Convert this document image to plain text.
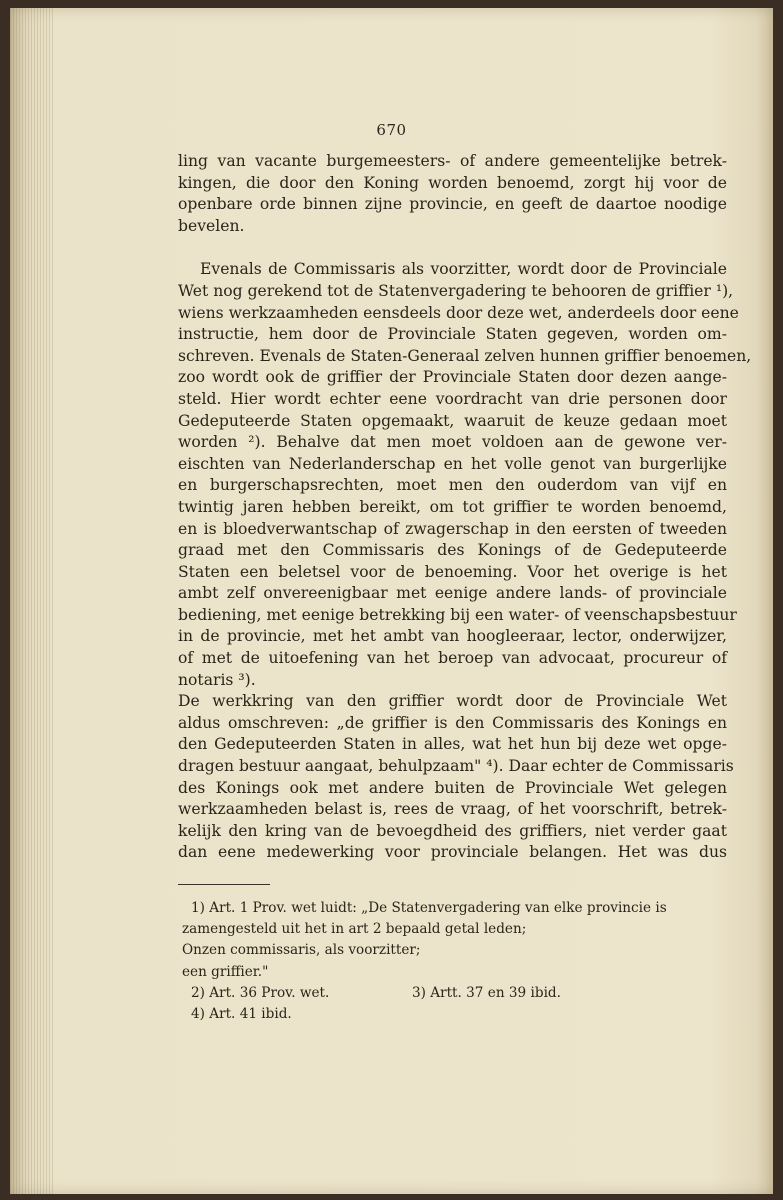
670
ling van vacante burgemeesters- of andere gemeentelijke betrek-
kingen, die door den Koning worden benoemd, zorgt hij voor de
openbare orde binnen zijne provincie, en geeft de daartoe noodige
bevelen.
Evenals de Commissaris als voorzitter, wordt door de Provinciale
Wet nog gerekend tot de Statenvergadering te behooren de griffier ¹),
wiens werkzaamheden eensdeels door deze wet, anderdeels door eene
instructie, hem door de Provinciale Staten gegeven, worden om-
schreven. Evenals de Staten-Generaal zelven hunnen griffier benoemen,
zoo wordt ook de griffier der Provinciale Staten door dezen aange-
steld. Hier wordt echter eene voordracht van drie personen door
Gedeputeerde Staten opgemaakt, waaruit de keuze gedaan moet
worden ²). Behalve dat men moet voldoen aan de gewone ver-
eischten van Nederlanderschap en het volle genot van burgerlijke
en burgerschapsrechten, moet men den ouderdom van vijf en
twintig jaren hebben bereikt, om tot griffier te worden benoemd,
en is bloedverwantschap of zwagerschap in den eersten of tweeden
graad met den Commissaris des Konings of de Gedeputeerde
Staten een beletsel voor de benoeming. Voor het overige is het
ambt zelf onvereenigbaar met eenige andere lands- of provinciale
bediening, met eenige betrekking bij een water- of veenschapsbestuur
in de provincie, met het ambt van hoogleeraar, lector, onderwijzer,
of met de uitoefening van het beroep van advocaat, procureur of
notaris ³).
De werkkring van den griffier wordt door de Provinciale Wet
aldus omschreven: „de griffier is den Commissaris des Konings en
den Gedeputeerden Staten in alles, wat het hun bij deze wet opge-
dragen bestuur aangaat, behulpzaam" ⁴). Daar echter de Commissaris
des Konings ook met andere buiten de Provinciale Wet gelegen
werkzaamheden belast is, rees de vraag, of het voorschrift, betrek-
kelijk den kring van de bevoegdheid des griffiers, niet verder gaat
dan eene medewerking voor provinciale belangen. Het was dus
1) Art. 1 Prov. wet luidt: „De Statenvergadering van elke provincie is
zamengesteld uit het in art 2 bepaald getal leden;
Onzen commissaris, als voorzitter;
een griffier."
2) Art. 36 Prov. wet.	3) Artt. 37 en 39 ibid.
4) Art. 41 ibid.
